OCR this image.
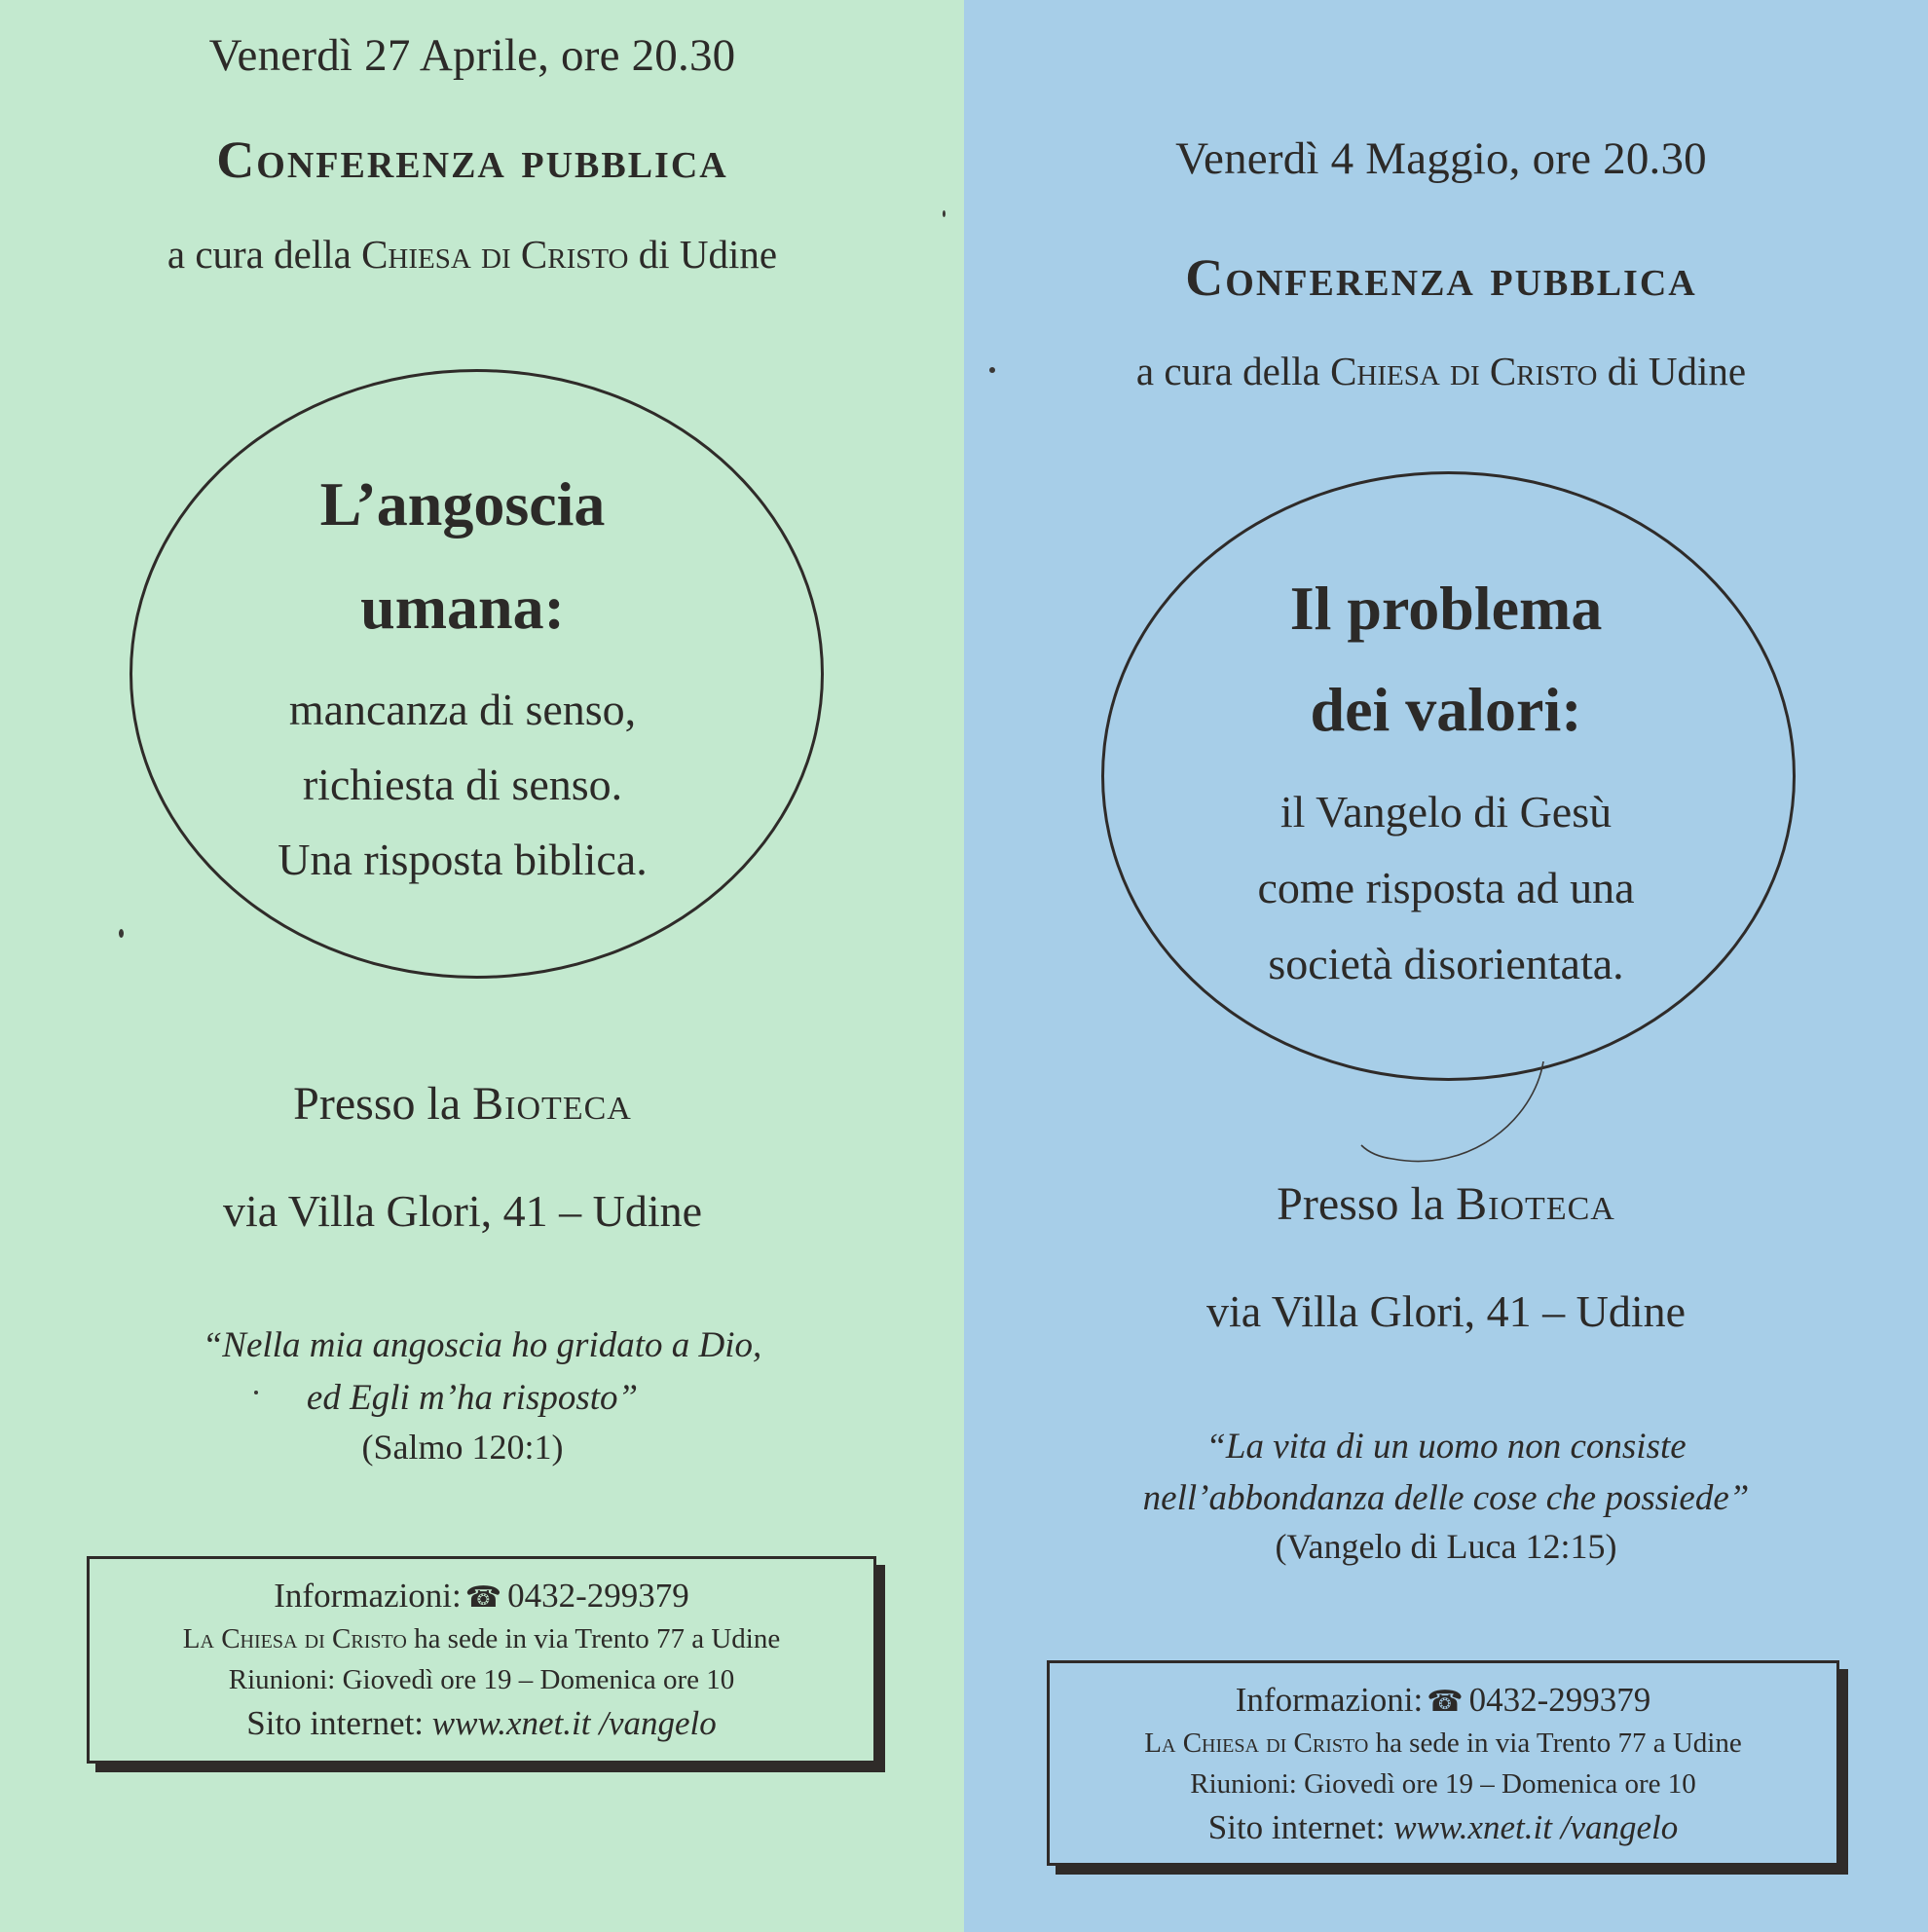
Venerdì 27 Aprile, ore 20.30

Conferenza pubblica

a cura della Chiesa di Cristo di Udine

L’angoscia

umana:

mancanza di senso,

richiesta di senso.

Una risposta biblica.

Presso la Bioteca

via Villa Glori, 41 – Udine

“Nella mia angoscia ho gridato a Dio,

ed Egli m’ha risposto”

(Salmo 120:1)

Informazioni: ☎ 0432-299379
La Chiesa di Cristo ha sede in via Trento 77 a Udine
Riunioni: Giovedì ore 19 – Domenica ore 10
Sito internet: www.xnet.it /vangelo

Venerdì 4 Maggio, ore 20.30

Conferenza pubblica

a cura della Chiesa di Cristo di Udine

Il problema

dei valori:

il Vangelo di Gesù

come risposta ad una

società disorientata.

Presso la Bioteca

via Villa Glori, 41 – Udine

“La vita di un uomo non consiste

nell’abbondanza delle cose che possiede”

(Vangelo di Luca 12:15)

Informazioni: ☎ 0432-299379
La Chiesa di Cristo ha sede in via Trento 77 a Udine
Riunioni: Giovedì ore 19 – Domenica ore 10
Sito internet: www.xnet.it /vangelo
